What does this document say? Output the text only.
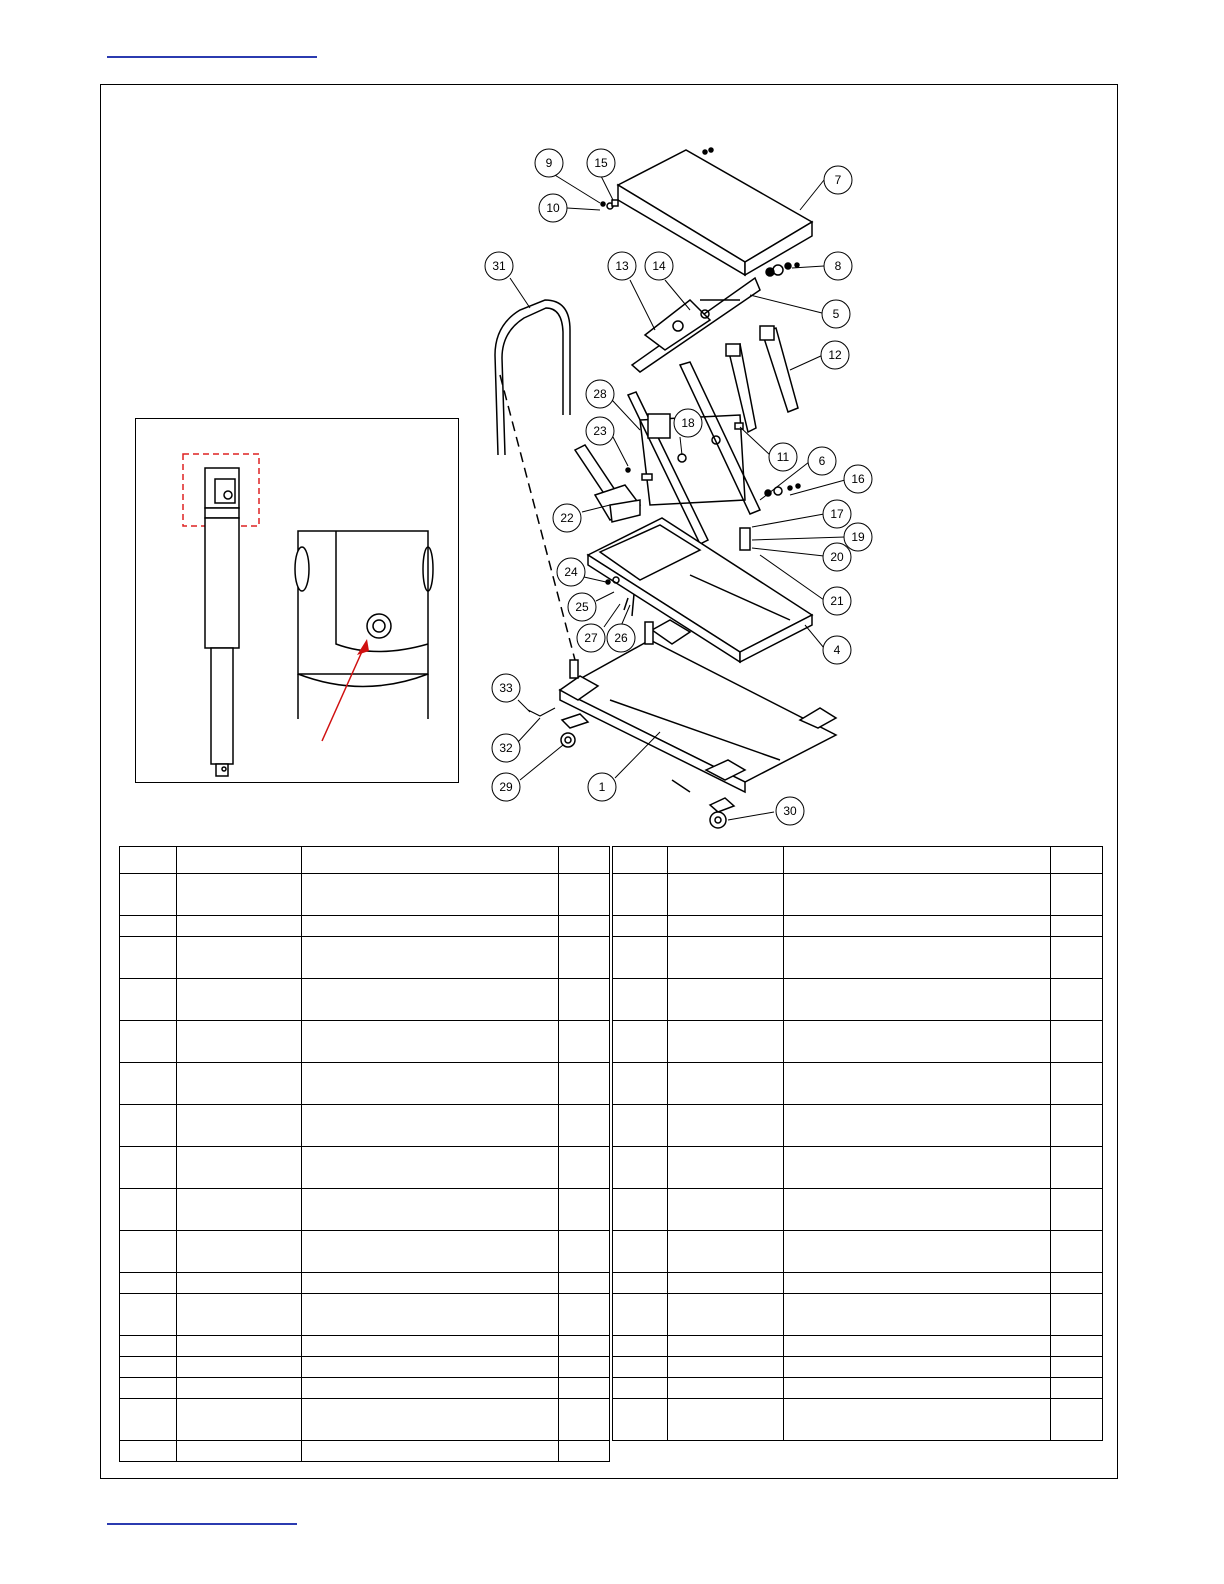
1
4
5
6
7
8
9
10
11
12
13 14
15
16
17
18
19
20
21
22
23
24
25
26
27
28
29
30
31
32
33
